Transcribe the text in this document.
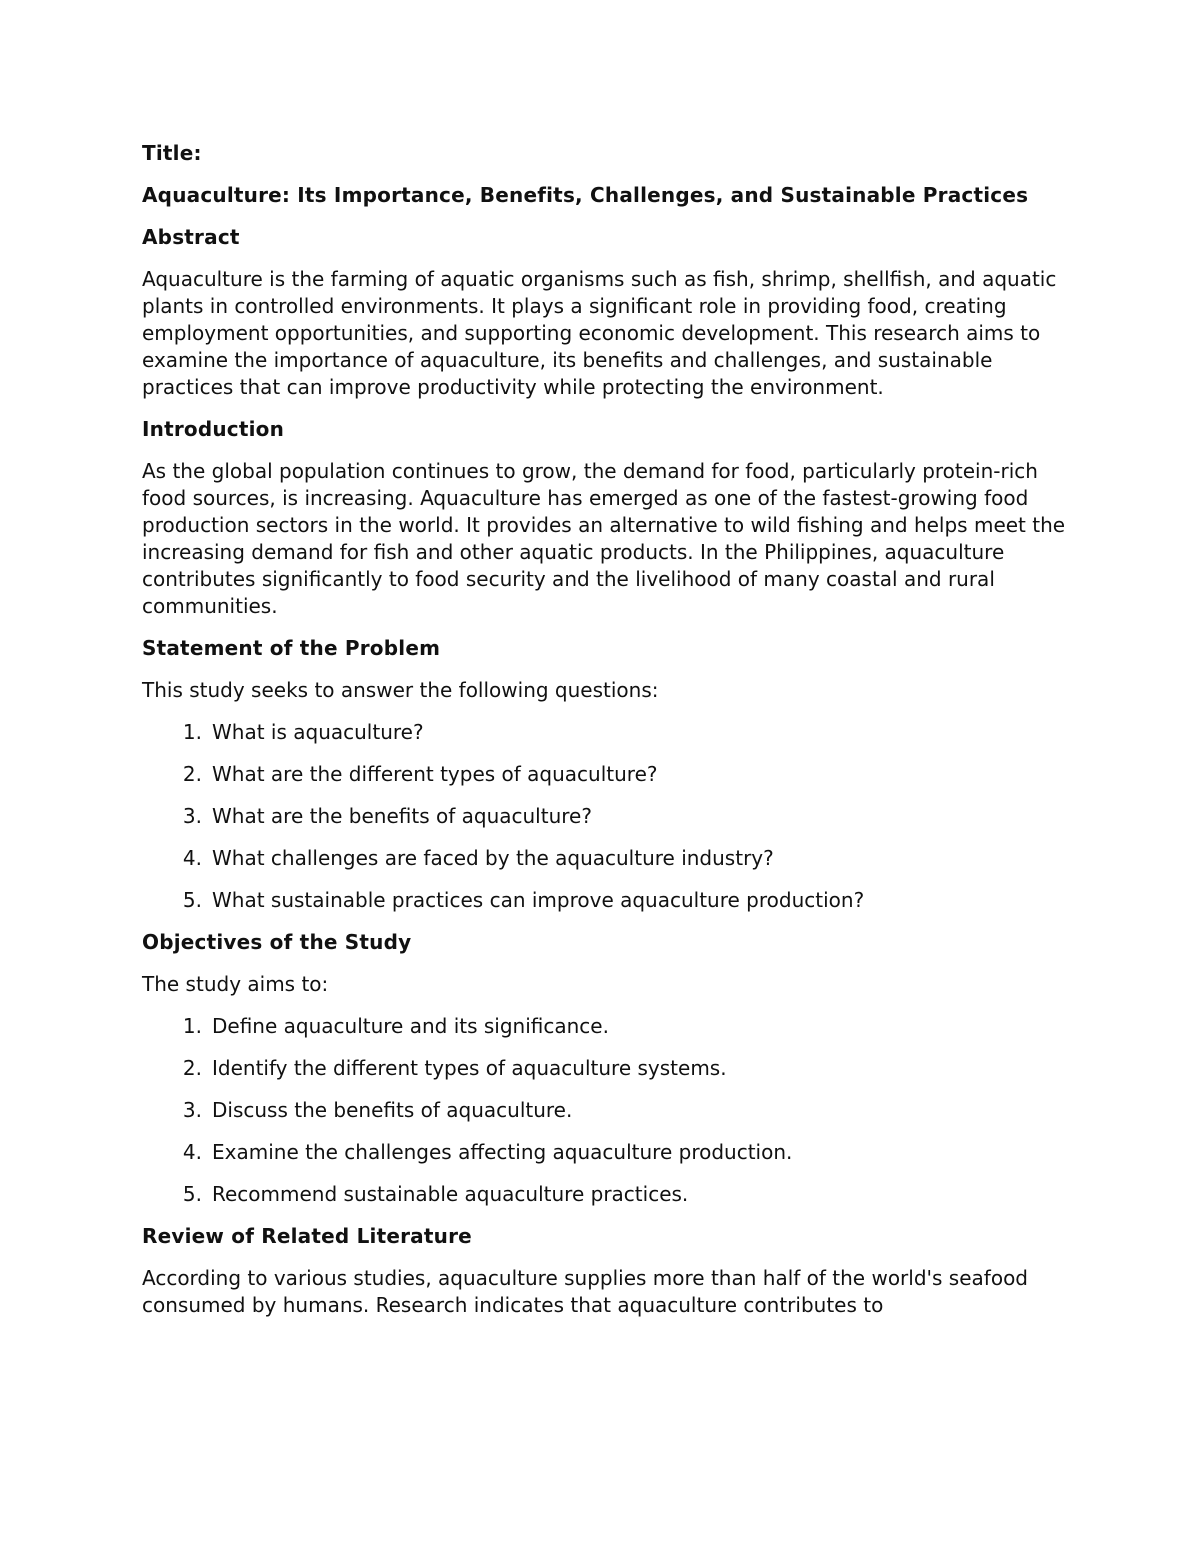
Title:

Aquaculture: Its Importance, Benefits, Challenges, and Sustainable Practices

Abstract

Aquaculture is the farming of aquatic organisms such as fish, shrimp, shellfish, and aquatic plants in controlled environments. It plays a significant role in providing food, creating employment opportunities, and supporting economic development. This research aims to examine the importance of aquaculture, its benefits and challenges, and sustainable practices that can improve productivity while protecting the environment.

Introduction

As the global population continues to grow, the demand for food, particularly protein-rich food sources, is increasing. Aquaculture has emerged as one of the fastest-growing food production sectors in the world. It provides an alternative to wild fishing and helps meet the increasing demand for fish and other aquatic products. In the Philippines, aquaculture contributes significantly to food security and the livelihood of many coastal and rural communities.

Statement of the Problem

This study seeks to answer the following questions:

1. What is aquaculture?
2. What are the different types of aquaculture?
3. What are the benefits of aquaculture?
4. What challenges are faced by the aquaculture industry?
5. What sustainable practices can improve aquaculture production?

Objectives of the Study

The study aims to:

1. Define aquaculture and its significance.
2. Identify the different types of aquaculture systems.
3. Discuss the benefits of aquaculture.
4. Examine the challenges affecting aquaculture production.
5. Recommend sustainable aquaculture practices.

Review of Related Literature

According to various studies, aquaculture supplies more than half of the world's seafood consumed by humans. Research indicates that aquaculture contributes to
